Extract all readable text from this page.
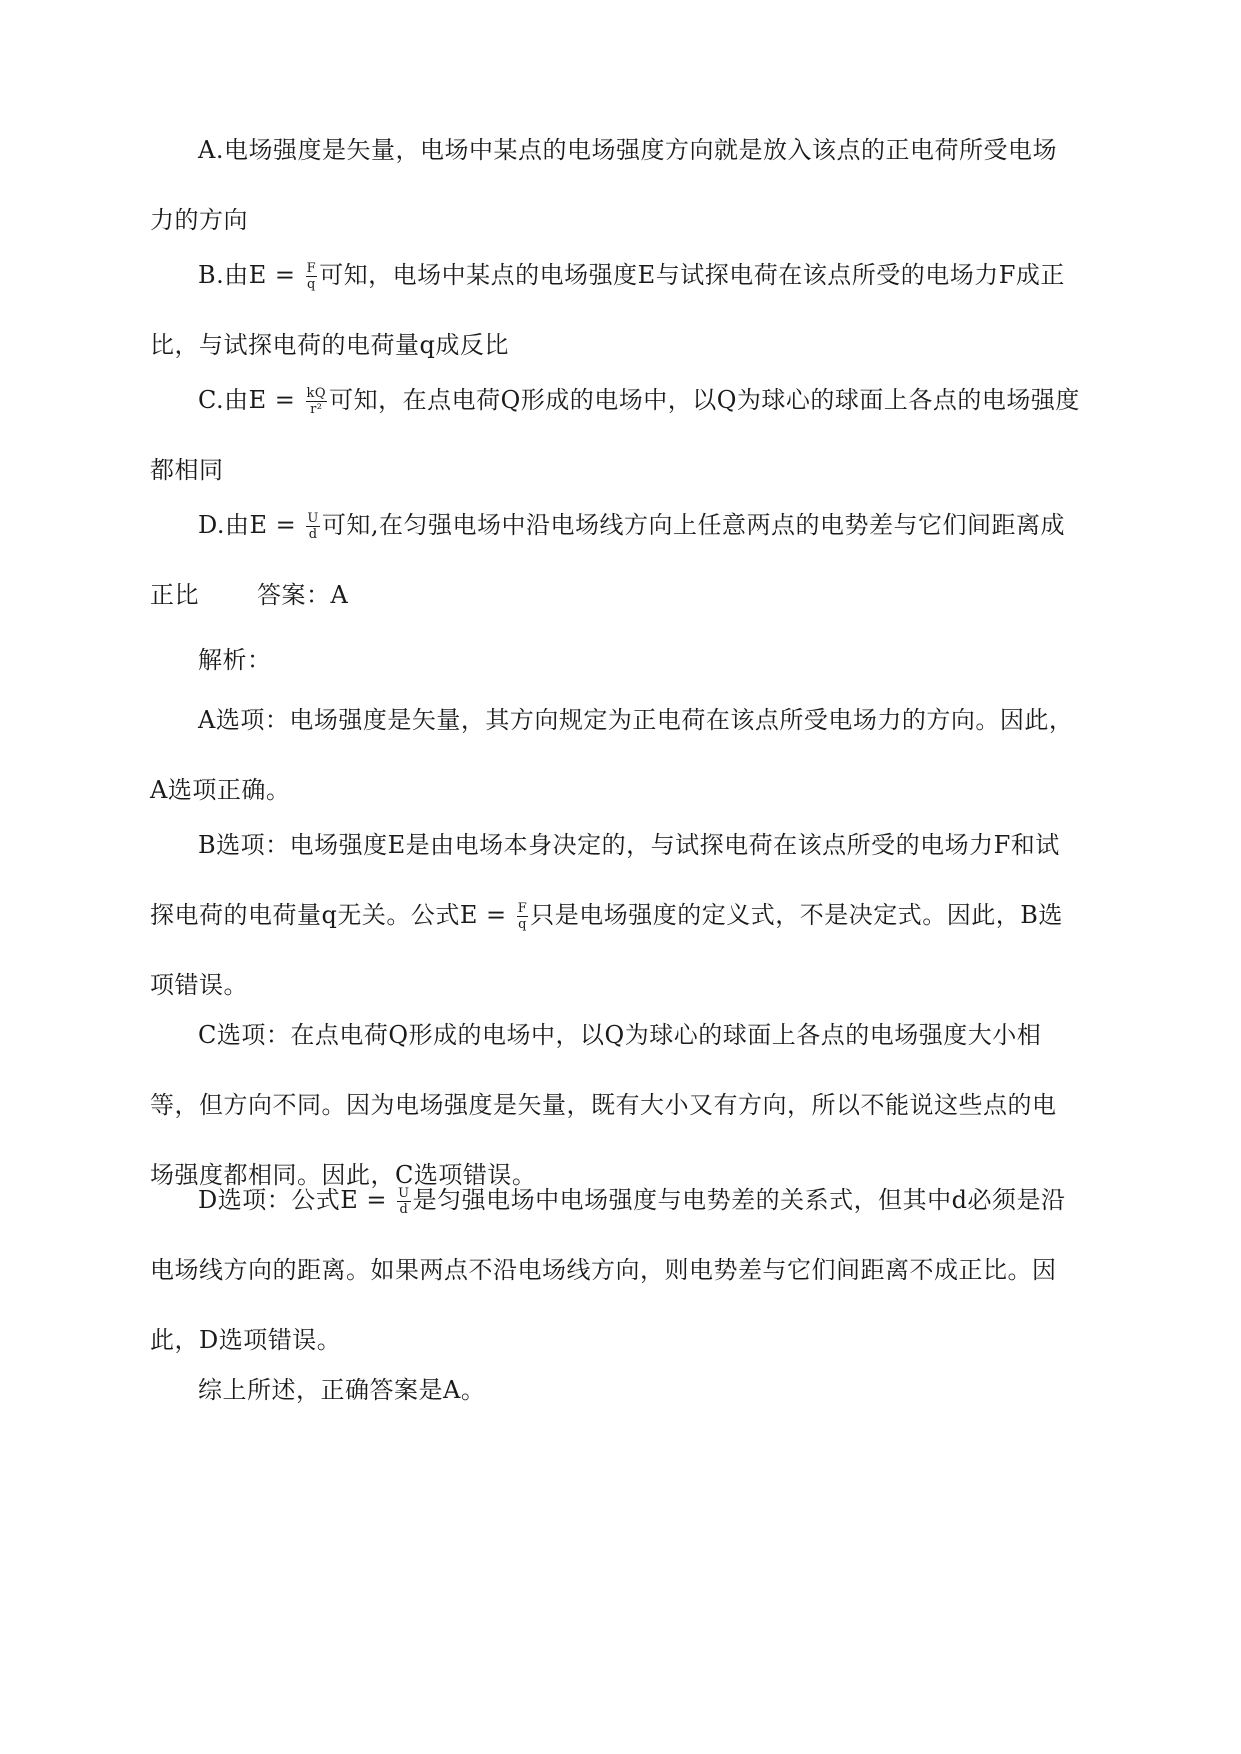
A.电场强度是矢量，电场中某点的电场强度方向就是放入该点的正电荷所受电场力的方向

B.由$E = \frac{F}{q}$ 可知，电场中某点的电场强度E与试探电荷在该点所受的电场力F成正比，与试探电荷的电荷量q成反比

C.由$E = \frac{kQ}{\text{r²}}$ 可知，在点电荷Q形成的电场中，以Q为球心的球面上各点的电场强度都相同

D.由$E = \frac{U}{d}$ 可知,在匀强电场中沿电场线方向上任意两点的电势差与它们间距离成正比 答案：A

解析：

A选项：电场强度是矢量，其方向规定为正电荷在该点所受电场力的方向。因此，A选项正确。

B选项：电场强度E是由电场本身决定的，与试探电荷在该点所受的电场力F和试探电荷的电荷量q无关。公式$E = \frac{F}{q}$ 只是电场强度的定义式，不是决定式。因此，B选项错误。

C选项：在点电荷Q形成的电场中，以Q为球心的球面上各点的电场强度大小相等，但方向不同。因为电场强度是矢量，既有大小又有方向，所以不能说这些点的电场强度都相同。因此，C选项错误。

D选项：公式$E = \frac{U}{d}$ 是匀强电场中电场强度与电势差的关系式，但其中d必须是沿电场线方向的距离。如果两点不沿电场线方向，则电势差与它们间距离不成正比。因此，D选项错误。

综上所述，正确答案是A。
